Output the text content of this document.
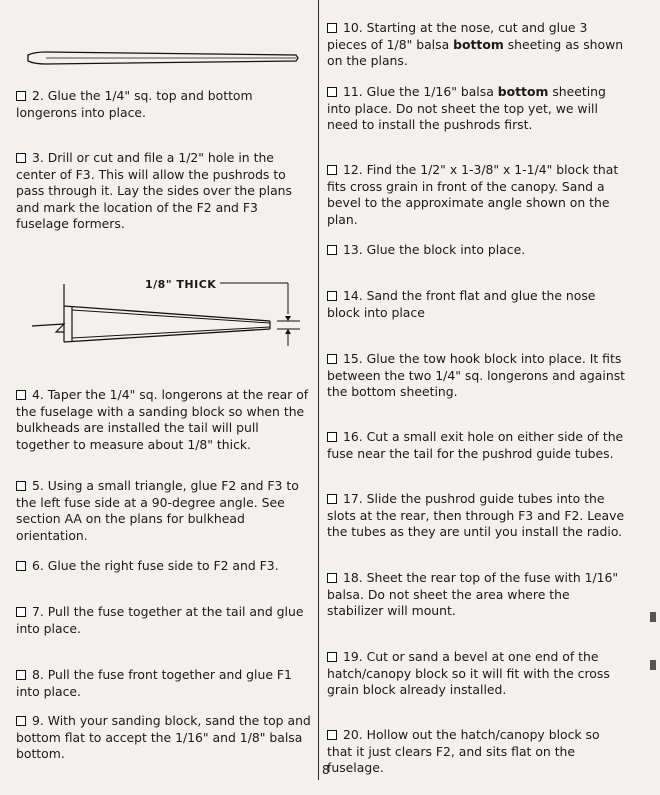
2. Glue the 1/4" sq. top and bottom longerons into place.

3. Drill or cut and file a 1/2" hole in the center of F3. This will allow the pushrods to pass through it. Lay the sides over the plans and mark the location of the F2 and F3 fuselage formers.

1/8" THICK

4. Taper the 1/4" sq. longerons at the rear of the fuselage with a sanding block so when the bulkheads are installed the tail will pull together to measure about 1/8" thick.

5. Using a small triangle, glue F2 and F3 to the left fuse side at a 90-degree angle. See section AA on the plans for bulkhead orientation.

6. Glue the right fuse side to F2 and F3.

7. Pull the fuse together at the tail and glue into place.

8. Pull the fuse front together and glue F1 into place.

9. With your sanding block, sand the top and bottom flat to accept the 1/16" and 1/8" balsa bottom.

10. Starting at the nose, cut and glue 3 pieces of 1/8" balsa bottom sheeting as shown on the plans.

11. Glue the 1/16" balsa bottom sheeting into place. Do not sheet the top yet, we will need to install the pushrods first.

12. Find the 1/2" x 1-3/8" x 1-1/4" block that fits cross grain in front of the canopy. Sand a bevel to the approximate angle shown on the plan.

13. Glue the block into place.

14. Sand the front flat and glue the nose block into place

15. Glue the tow hook block into place. It fits between the two 1/4" sq. longerons and against the bottom sheeting.

16. Cut a small exit hole on either side of the fuse near the tail for the pushrod guide tubes.

17. Slide the pushrod guide tubes into the slots at the rear, then through F3 and F2. Leave the tubes as they are until you install the radio.

18. Sheet the rear top of the fuse with 1/16" balsa. Do not sheet the area where the stabilizer will mount.

19. Cut or sand a bevel at one end of the hatch/canopy block so it will fit with the cross grain block already installed.

20. Hollow out the hatch/canopy block so that it just clears F2, and sits flat on the fuselage.

8
